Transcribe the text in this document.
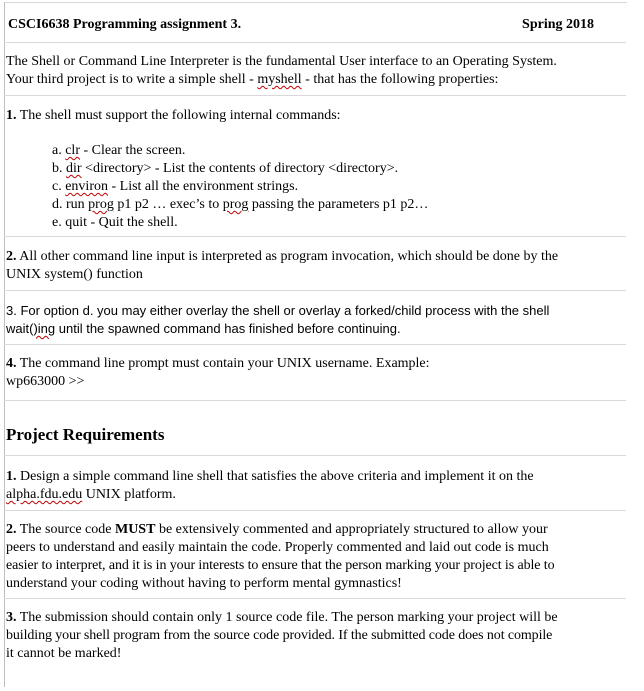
CSCI6638 Programming assignment 3.	Spring 2018
The Shell or Command Line Interpreter is the fundamental User interface to an Operating System.
Your third project is to write a simple shell - myshell - that has the following properties:
1. The shell must support the following internal commands:
a. clr - Clear the screen.
b. dir <directory> - List the contents of directory <directory>.
c. environ - List all the environment strings.
d. run prog p1 p2 … exec’s to prog passing the parameters p1 p2…
e. quit - Quit the shell.
2. All other command line input is interpreted as program invocation, which should be done by the
UNIX system() function
3. For option d. you may either overlay the shell or overlay a forked/child process with the shell
wait()ing until the spawned command has finished before continuing.
4. The command line prompt must contain your UNIX username. Example:
wp663000 >>
Project Requirements
1. Design a simple command line shell that satisfies the above criteria and implement it on the
alpha.fdu.edu UNIX platform.
2. The source code MUST be extensively commented and appropriately structured to allow your
peers to understand and easily maintain the code. Properly commented and laid out code is much
easier to interpret, and it is in your interests to ensure that the person marking your project is able to
understand your coding without having to perform mental gymnastics!
3. The submission should contain only 1 source code file. The person marking your project will be
building your shell program from the source code provided. If the submitted code does not compile
it cannot be marked!
